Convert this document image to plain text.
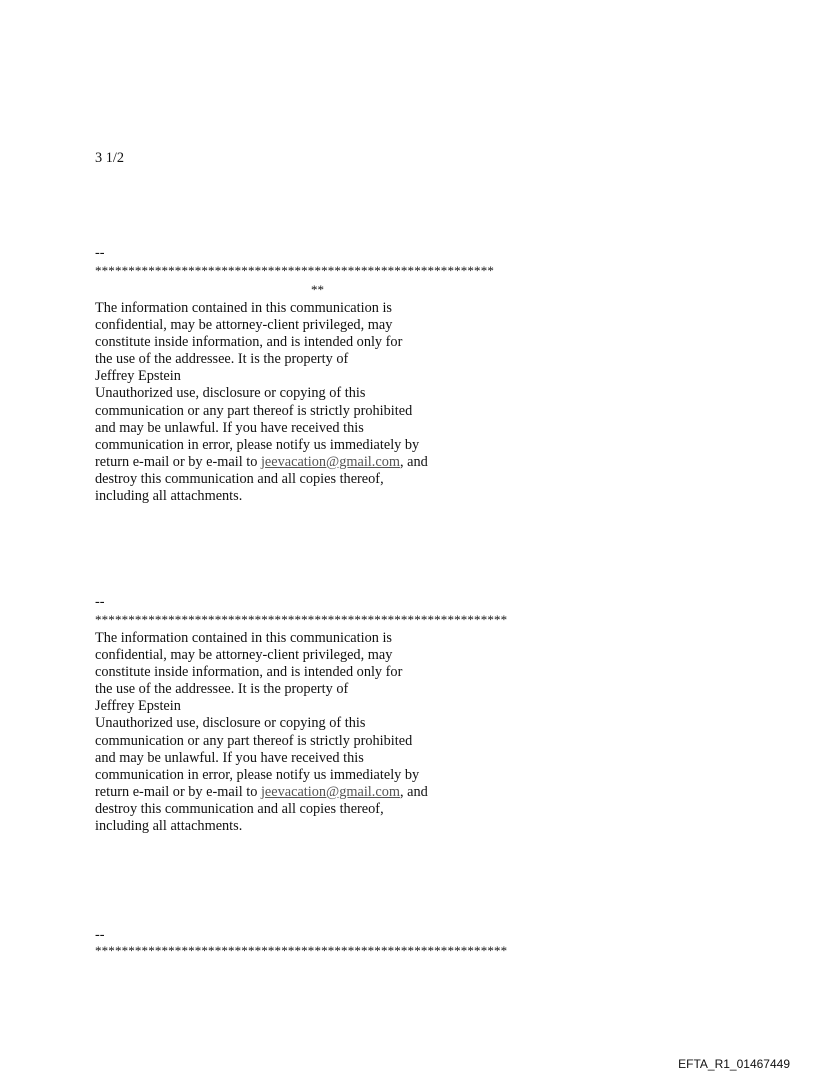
3 1/2

--

************************************************************

**

The information contained in this communication is
confidential, may be attorney-client privileged, may
constitute inside information, and is intended only for
the use of the addressee. It is the property of
Jeffrey Epstein
Unauthorized use, disclosure or copying of this
communication or any part thereof is strictly prohibited
and may be unlawful. If you have received this
communication in error, please notify us immediately by
return e-mail or by e-mail to jeevacation@gmail.com, and
destroy this communication and all copies thereof,
including all attachments.

--

**************************************************************

The information contained in this communication is
confidential, may be attorney-client privileged, may
constitute inside information, and is intended only for
the use of the addressee. It is the property of
Jeffrey Epstein
Unauthorized use, disclosure or copying of this
communication or any part thereof is strictly prohibited
and may be unlawful. If you have received this
communication in error, please notify us immediately by
return e-mail or by e-mail to jeevacation@gmail.com, and
destroy this communication and all copies thereof,
including all attachments.

--

**************************************************************

EFTA_R1_01467449
